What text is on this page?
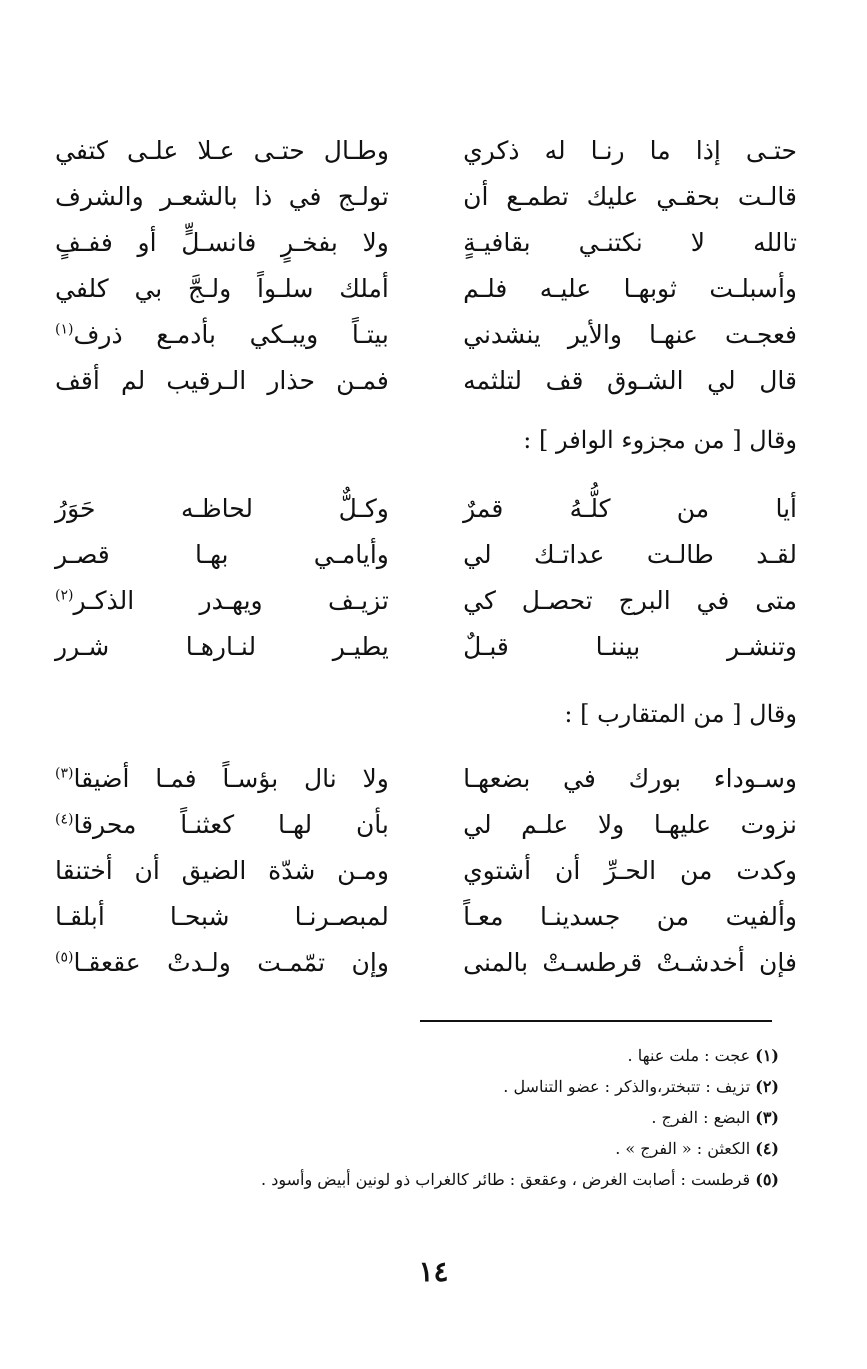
حتـى إذا ما رنـا له ذكري
وطـال حتـى عـلا علـى كتفي
قالـت بحقـي عليك تطمـع أن
تولـج في ذا بالشعـر والشرف
تالله لا نكتنـي بقافيـةٍ
ولا بفخـرٍ فانسـلٍّ أو ففـفٍ
وأسبلـت ثوبهـا عليـه فلـم
أملك سلـواً ولـجَّ بي كلفي
فعجـت عنهـا والأير ينشدني
بيتـاً ويبـكي بأدمـع ذرف$^{(١)}$
قال لي الشـوق قف لتلثمه
فمـن حذار الـرقيب لم أقف
وقال [ من مجزوء الوافر ] :
أيا من كلُّـهُ قمرٌ
وكـلٌّ لحاظـه حَوَرُ
لقـد طالـت عداتـك لي
وأيامـي بهـا قصـر
متى في البرج تحصـل كي
تزيـف ويهـدر الذكـر$^{(٢)}$
وتنشـر بيننـا قبـلٌ
يطيـر لنـارهـا شـرر
وقال [ من المتقارب ] :
وسـوداء بورك في بضعهـا
ولا نال بؤسـاً فمـا أضيقا$^{(٣)}$
نزوت عليهـا ولا علـم لي
بأن لهـا كعثنـاً محرقا$^{(٤)}$
وكدت من الحـرِّ أن أشتوي
ومـن شدّة الضيق أن أختنقا
وألفيت من جسدينـا معـاً
لمبصـرنـا شبحـا أبلقـا
فإن أخدشـتْ قرطسـتْ بالمنى
وإن تمّمـت ولـدتْ عقعقـا$^{(٥)}$
(١) عجت : ملت عنها .
(٢) تزيف : تتبختر،والذكر : عضو التناسل .
(٣) البضع : الفرج .
(٤) الكعثن : « الفرج » .
(٥) قرطست : أصابت الغرض ، وعقعق : طائر كالغراب ذو لونين أبيض وأسود .
١٤
